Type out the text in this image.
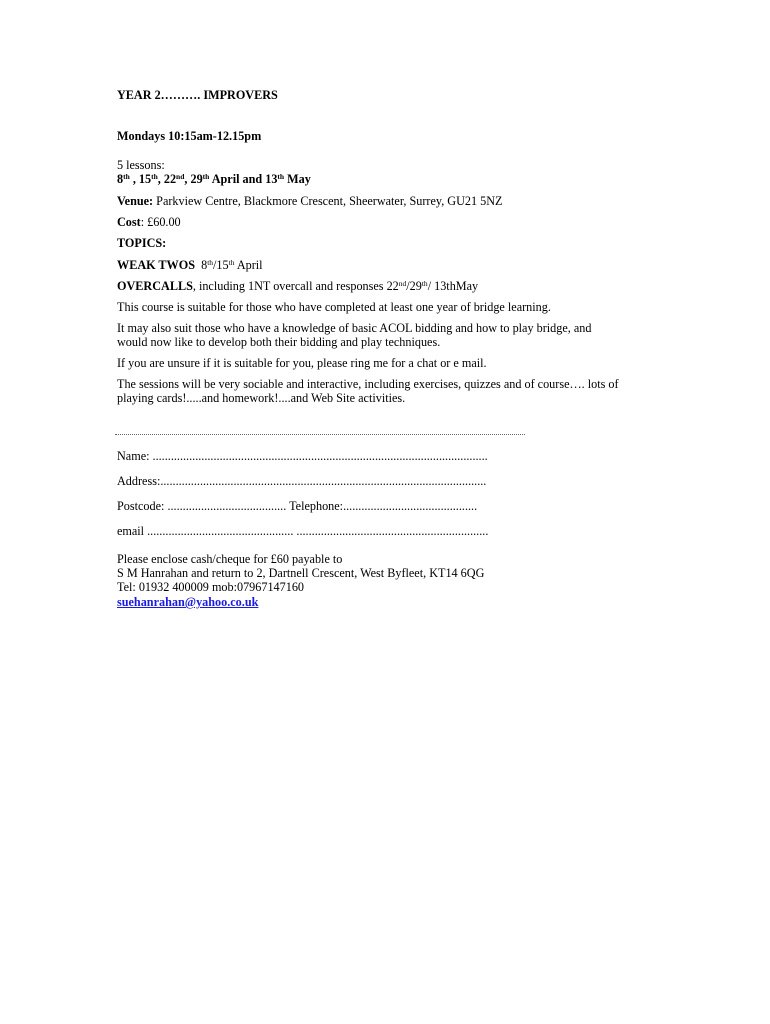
YEAR 2………. IMPROVERS
Mondays 10:15am-12.15pm
5 lessons:
8th , 15th, 22nd, 29th April and 13th May
Venue: Parkview Centre, Blackmore Crescent, Sheerwater, Surrey, GU21 5NZ
Cost: £60.00
TOPICS:
WEAK TWOS 8th/15th April
OVERCALLS, including 1NT overcall and responses 22nd/29th/ 13thMay
This course is suitable for those who have completed at least one year of bridge learning.
It may also suit those who have a knowledge of basic ACOL bidding and how to play bridge, and
would now like to develop both their bidding and play techniques.
If you are unsure if it is suitable for you, please ring me for a chat or e mail.
The sessions will be very sociable and interactive, including exercises, quizzes and of course…. lots of
playing cards!.....and homework!....and Web Site activities.
Name: ..............................................................................................................
Address:...........................................................................................................
Postcode: ....................................... Telephone:............................................
email ................................................ ...............................................................
Please enclose cash/cheque for £60 payable to
S M Hanrahan and return to 2, Dartnell Crescent, West Byfleet, KT14 6QG
Tel: 01932 400009 mob:07967147160
suehanrahan@yahoo.co.uk
